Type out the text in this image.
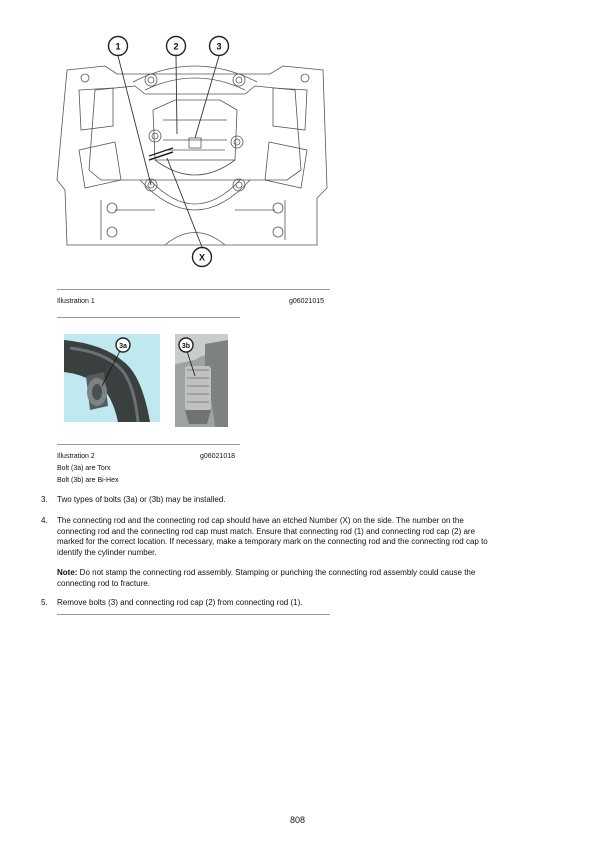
1	2	3
X
Illustration 1	g06021015
3a	3b
Illustration 2	g06021018
Bolt (3a) are Torx
Bolt (3b) are Bi-Hex
3. Two types of bolts (3a) or (3b) may be installed.
4. The connecting rod and the connecting rod cap should have an etched Number (X) on the side. The number on the
connecting rod and the connecting rod cap must match. Ensure that connecting rod (1) and connecting rod cap (2) are
marked for the correct location. If necessary, make a temporary mark on the connecting rod and the connecting rod cap to
identify the cylinder number.
Note: Do not stamp the connecting rod assembly. Stamping or punching the connecting rod assembly could cause the
connecting rod to fracture.
5. Remove bolts (3) and connecting rod cap (2) from connecting rod (1).
808
